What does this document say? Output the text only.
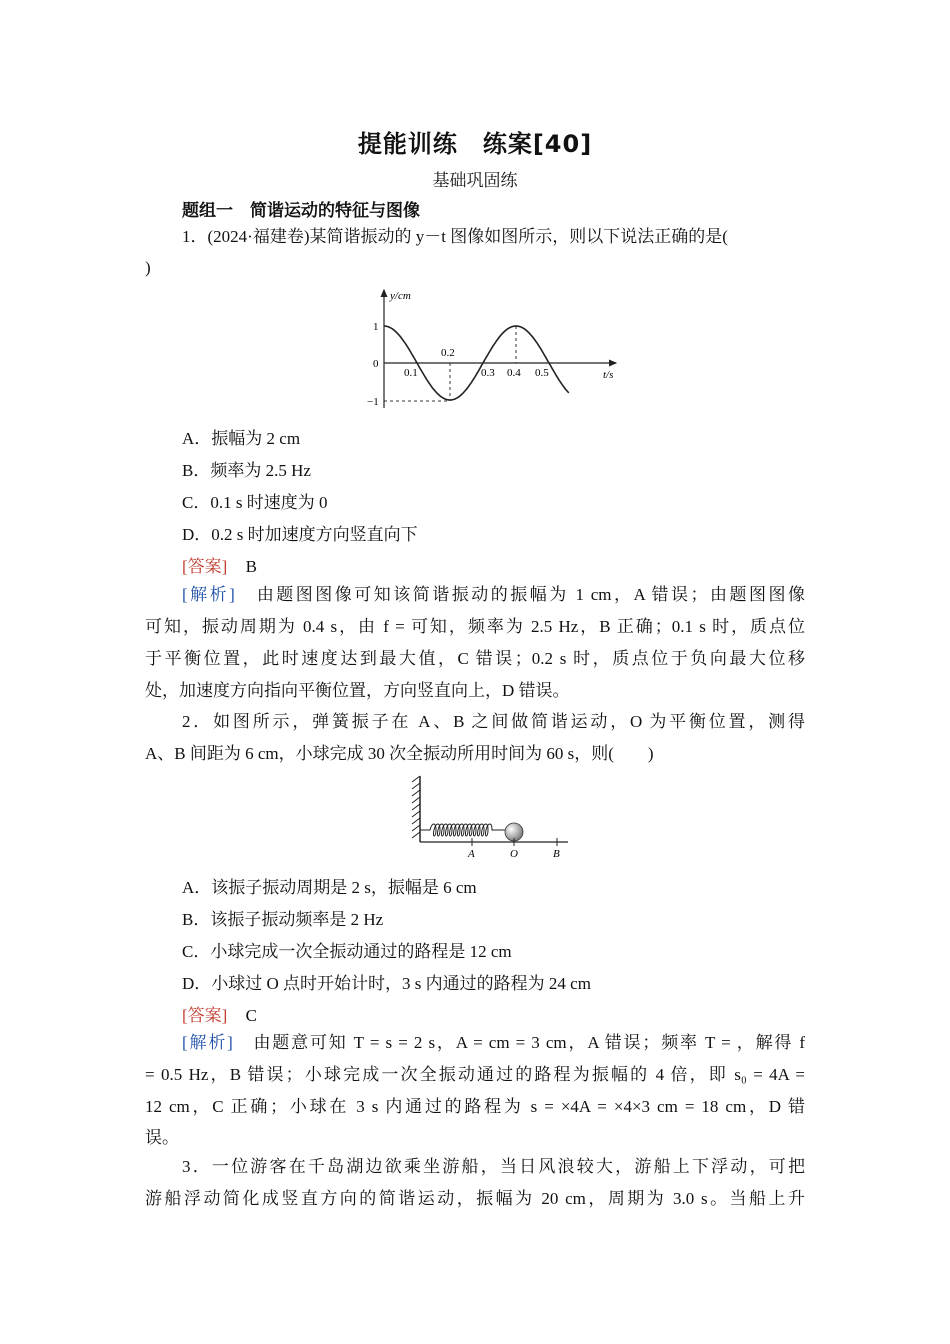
提能训练　练案[40]
基础巩固练
题组一　简谐运动的特征与图像
1．(2024·福建卷)某简谐振动的 y－t 图像如图所示，则以下说法正确的是(
)
y/cm
t/s
1
0
−1
0.1
0.2
0.3 0.4 0.5
A．振幅为 2 cm
B．频率为 2.5 Hz
C．0.1 s 时速度为 0
D．0.2 s 时加速度方向竖直向下
[答案] B
[解析]　 由题图图像可知该简谐振动的振幅为 1 cm，A 错误；由题图图像
可知，振动周期为 0.4 s，由 f = 可知，频率为 2.5 Hz，B 正确；0.1 s 时，质点位
于平衡位置，此时速度达到最大值，C 错误；0.2 s 时，质点位于负向最大位移
处，加速度方向指向平衡位置，方向竖直向上，D 错误。
2．如图所示，弹簧振子在 A、B 之间做简谐运动，O 为平衡位置，测得
A、B 间距为 6 cm，小球完成 30 次全振动所用时间为 60 s，则(　　)
A	O	B
A．该振子振动周期是 2 s，振幅是 6 cm
B．该振子振动频率是 2 Hz
C．小球完成一次全振动通过的路程是 12 cm
D．小球过 O 点时开始计时，3 s 内通过的路程为 24 cm
[答案] C
[解析]　 由题意可知 T = s = 2 s，A = cm = 3 cm，A 错误；频率 T = ，解得 f
= 0.5 Hz，B 错误；小球完成一次全振动通过的路程为振幅的 4 倍，即 s₀ = 4A =
12 cm，C 正确；小球在 3 s 内通过的路程为 s = ×4A = ×4×3 cm = 18 cm，D 错
误。
3．一位游客在千岛湖边欲乘坐游船，当日风浪较大，游船上下浮动，可把
游船浮动简化成竖直方向的简谐运动，振幅为 20 cm，周期为 3.0 s。当船上升
